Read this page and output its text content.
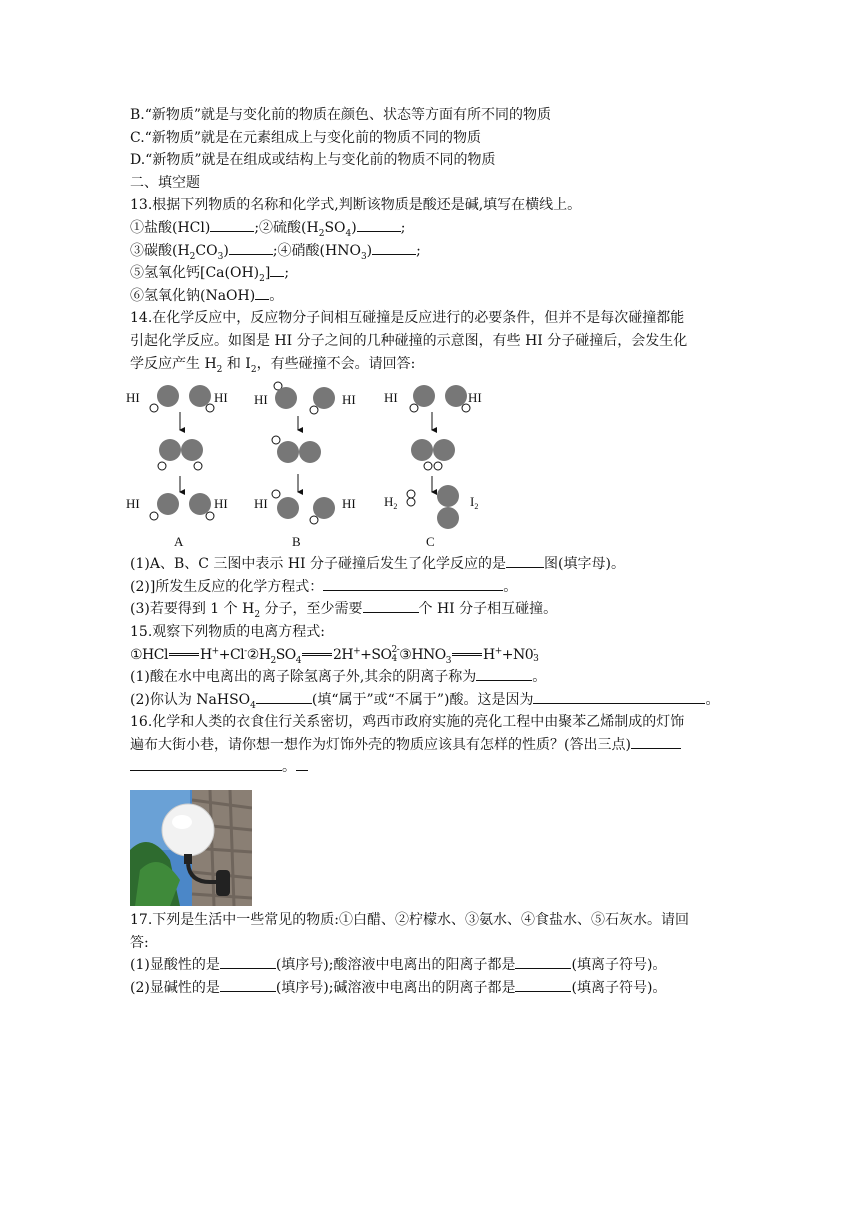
B.“新物质”就是与变化前的物质在颜色、状态等方面有所不同的物质
C.“新物质”就是在元素组成上与变化前的物质不同的物质
D.“新物质”就是在组成或结构上与变化前的物质不同的物质
二、填空题
13.根据下列物质的名称和化学式,判断该物质是酸还是碱,填写在横线上。
①盐酸(HCl)	;②硫酸$(H_2SO_4)$	;
③碳酸$(H_2CO_3)$	;④硝酸$(HNO_3)$	;
⑤氢氧化钙$[Ca(OH)_2]$ ;
⑥氢氧化钠(NaOH) 。
14.在化学反应中，反应物分子间相互碰撞是反应进行的必要条件，但并不是每次碰撞都能
引起化学反应。如图是 HI 分子之间的几种碰撞的示意图，有些 HI 分子碰撞后，会发生化
学反应产生 $H_2$ 和 $I_2$，有些碰撞不会。请回答:
(1)A、B、C 三图中表示 HI 分子碰撞后发生了化学反应的是	图(填字母)。
(2)]所发生反应的化学方程式：	。
(3)若要得到 1 个 $H_2$ 分子，至少需要	个 HI 分子相互碰撞。
15.观察下列物质的电离方程式:
①HCl $H^++Cl^-②H_2SO_4$ 2H++SO 2-
4 $③HNO_3$ H++N0 -
3
(1)酸在水中电离出的离子除氢离子外,其余的阴离子称为	。
(2)你认为 NaHSO$_4$	(填“属于”或“不属于”)酸。这是因为	。
16.化学和人类的衣食住行关系密切，鸡西市政府实施的亮化工程中由聚苯乙烯制成的灯饰
遍布大街小巷，请你想一想作为灯饰外壳的物质应该具有怎样的性质？(答出三点)
。
17.下列是生活中一些常见的物质:①白醋、②柠檬水、③氨水、④食盐水、⑤石灰水。请回
答:
(1)显酸性的是	(填序号);酸溶液中电离出的阳离子都是	(填离子符号)。
(2)显碱性的是	(填序号);碱溶液中电离出的阴离子都是	(填离子符号)。
HI	HI
HI	HI
A
HI	HI
HI	HI
B
HI	HI
$H_2$	$I_2$
C
